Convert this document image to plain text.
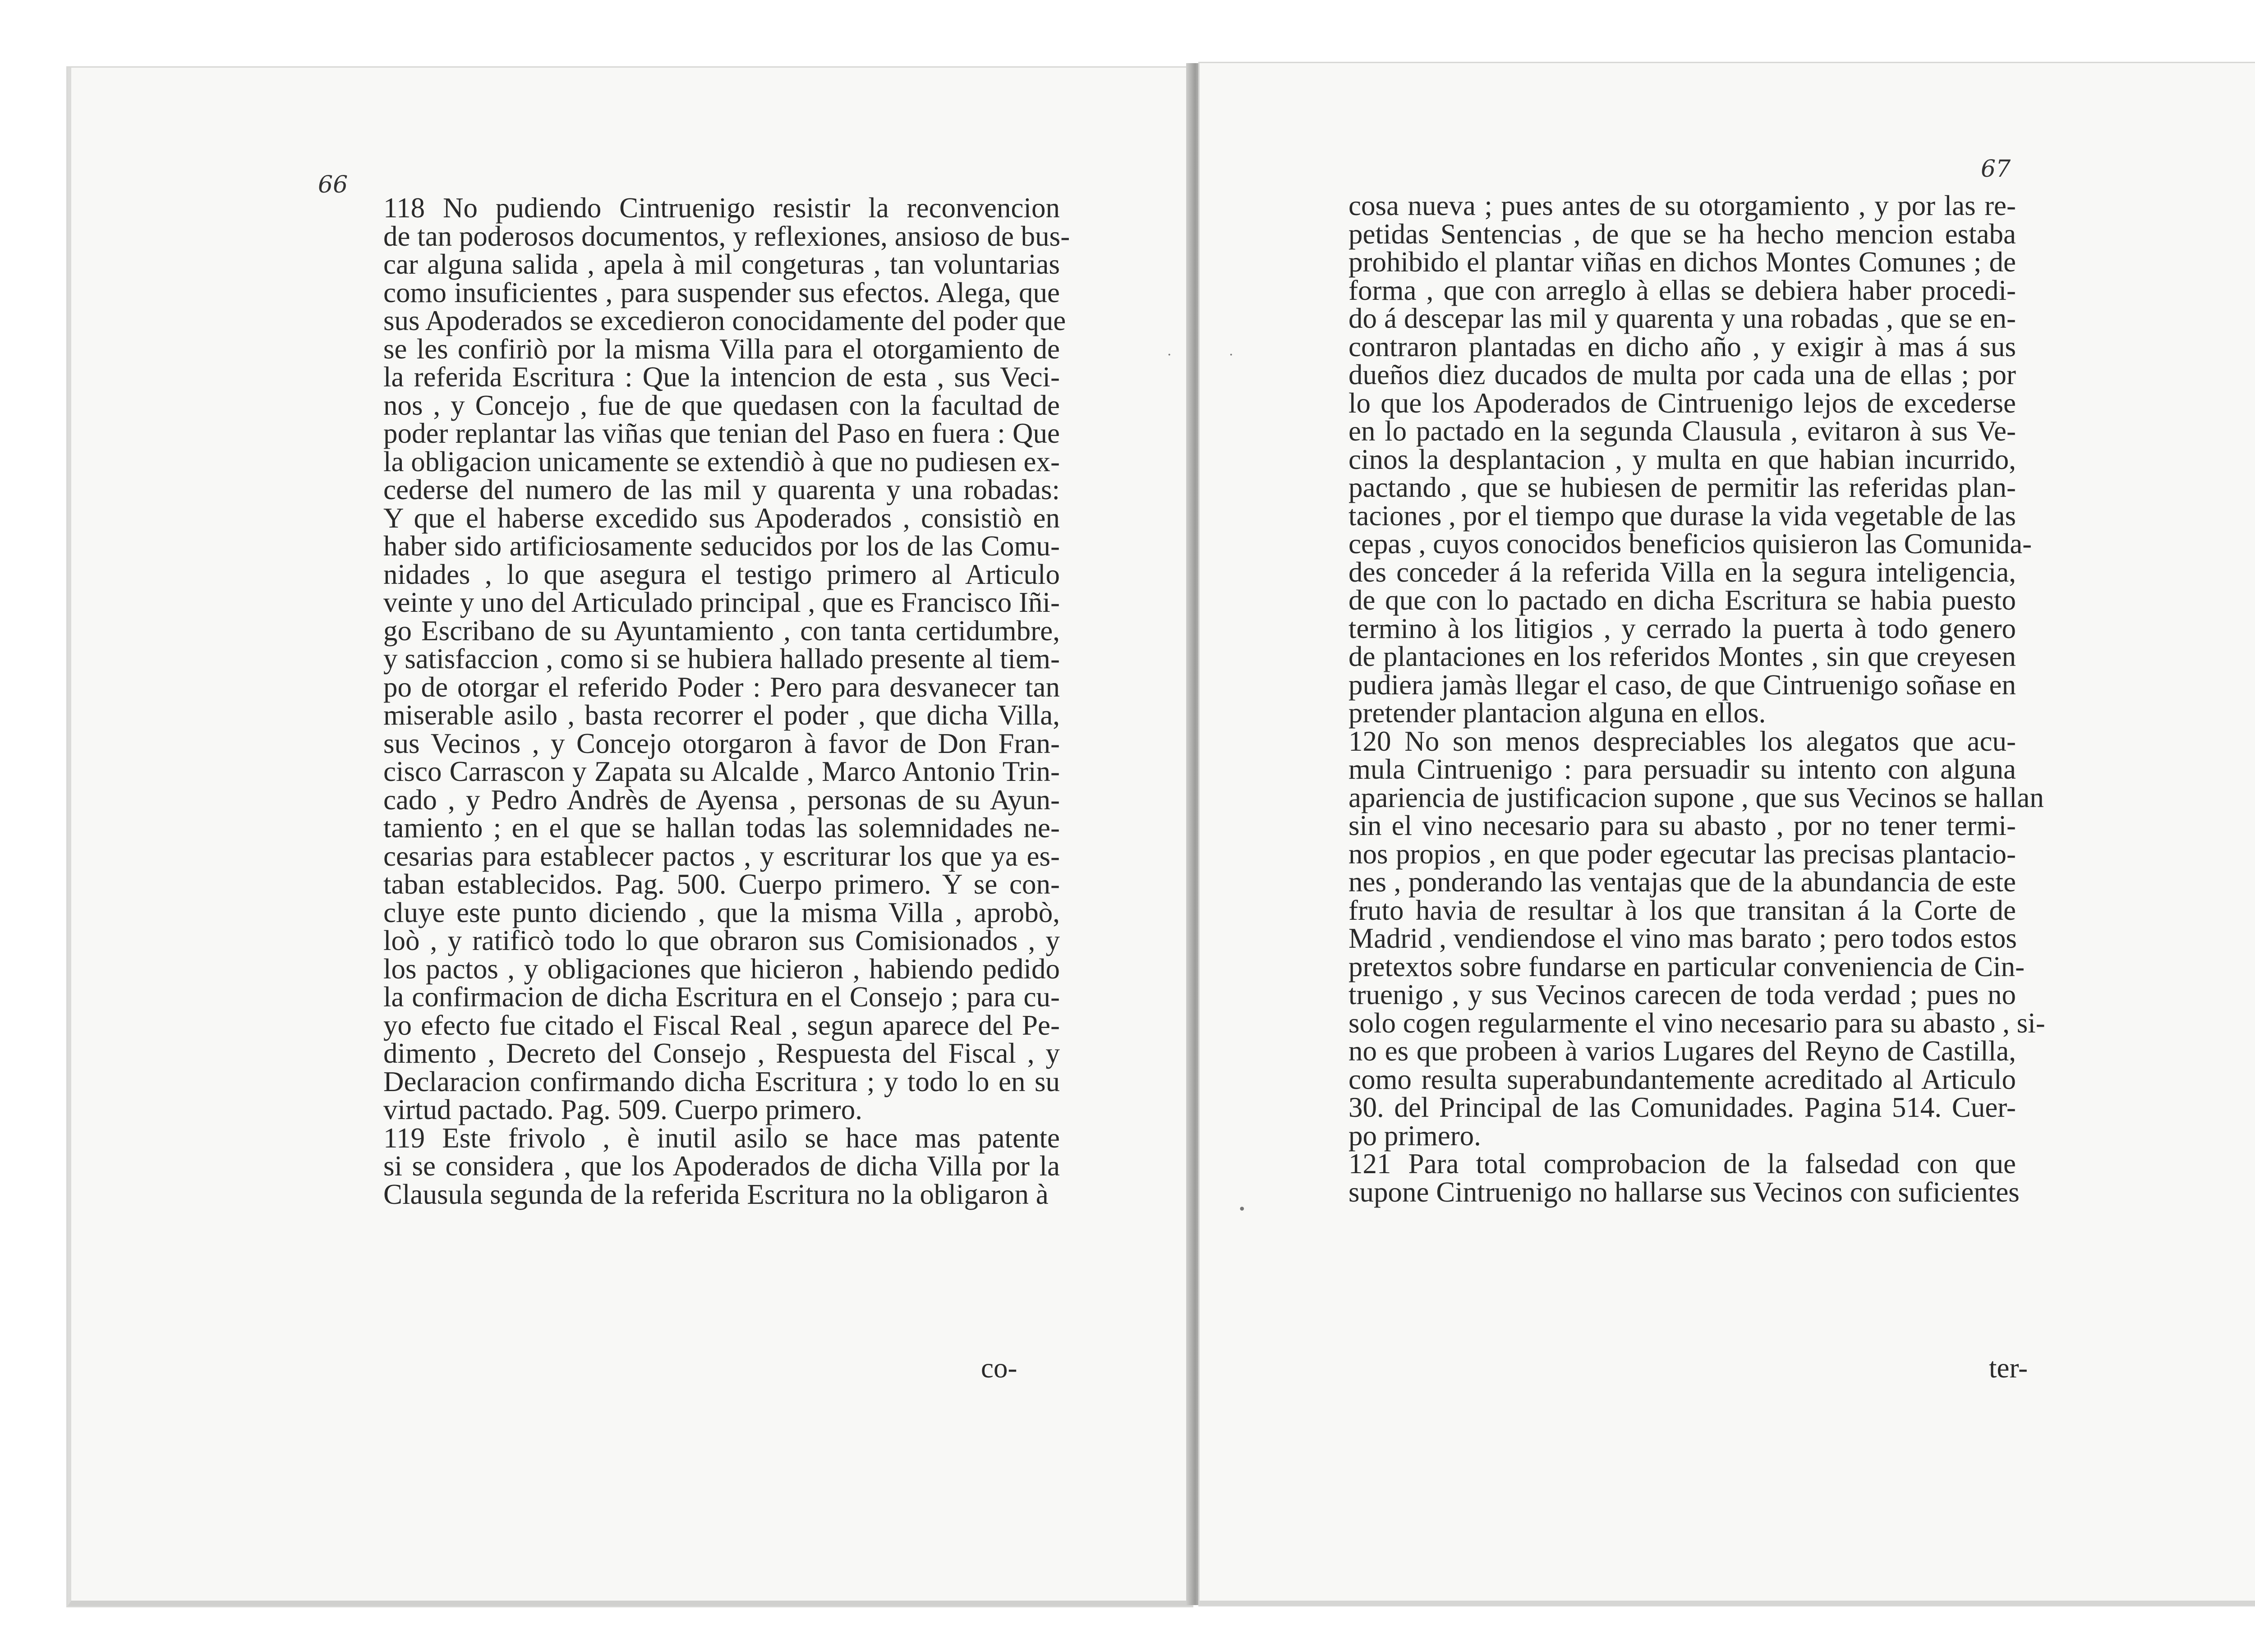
66
67
118 No pudiendo Cintruenigo resistir la reconvencion
de tan poderosos documentos, y reflexiones, ansioso de bus-
car alguna salida , apela à mil congeturas , tan voluntarias
como insuficientes , para suspender sus efectos. Alega, que
sus Apoderados se excedieron conocidamente del poder que
se les confiriò por la misma Villa para el otorgamiento de
la referida Escritura : Que la intencion de esta , sus Veci-
nos , y Concejo , fue de que quedasen con la facultad de
poder replantar las viñas que tenian del Paso en fuera : Que
la obligacion unicamente se extendiò à que no pudiesen ex-
cederse del numero de las mil y quarenta y una robadas:
Y que el haberse excedido sus Apoderados , consistiò en
haber sido artificiosamente seducidos por los de las Comu-
nidades , lo que asegura el testigo primero al Articulo
veinte y uno del Articulado principal , que es Francisco Iñi-
go Escribano de su Ayuntamiento , con tanta certidumbre,
y satisfaccion , como si se hubiera hallado presente al tiem-
po de otorgar el referido Poder : Pero para desvanecer tan
miserable asilo , basta recorrer el poder , que dicha Villa,
sus Vecinos , y Concejo otorgaron à favor de Don Fran-
cisco Carrascon y Zapata su Alcalde , Marco Antonio Trin-
cado , y Pedro Andrès de Ayensa , personas de su Ayun-
tamiento ; en el que se hallan todas las solemnidades ne-
cesarias para establecer pactos , y escriturar los que ya es-
taban establecidos. Pag. 500. Cuerpo primero. Y se con-
cluye este punto diciendo , que la misma Villa , aprobò,
loò , y ratificò todo lo que obraron sus Comisionados , y
los pactos , y obligaciones que hicieron , habiendo pedido
la confirmacion de dicha Escritura en el Consejo ; para cu-
yo efecto fue citado el Fiscal Real , segun aparece del Pe-
dimento , Decreto del Consejo , Respuesta del Fiscal , y
Declaracion confirmando dicha Escritura ; y todo lo en su
virtud pactado. Pag. 509. Cuerpo primero.
119 Este frivolo , è inutil asilo se hace mas patente
si se considera , que los Apoderados de dicha Villa por la
Clausula segunda de la referida Escritura no la obligaron à
cosa nueva ; pues antes de su otorgamiento , y por las re-
petidas Sentencias , de que se ha hecho mencion estaba
prohibido el plantar viñas en dichos Montes Comunes ; de
forma , que con arreglo à ellas se debiera haber procedi-
do á descepar las mil y quarenta y una robadas , que se en-
contraron plantadas en dicho año , y exigir à mas á sus
dueños diez ducados de multa por cada una de ellas ; por
lo que los Apoderados de Cintruenigo lejos de excederse
en lo pactado en la segunda Clausula , evitaron à sus Ve-
cinos la desplantacion , y multa en que habian incurrido,
pactando , que se hubiesen de permitir las referidas plan-
taciones , por el tiempo que durase la vida vegetable de las
cepas , cuyos conocidos beneficios quisieron las Comunida-
des conceder á la referida Villa en la segura inteligencia,
de que con lo pactado en dicha Escritura se habia puesto
termino à los litigios , y cerrado la puerta à todo genero
de plantaciones en los referidos Montes , sin que creyesen
pudiera jamàs llegar el caso, de que Cintruenigo soñase en
pretender plantacion alguna en ellos.
120 No son menos despreciables los alegatos que acu-
mula Cintruenigo : para persuadir su intento con alguna
apariencia de justificacion supone , que sus Vecinos se hallan
sin el vino necesario para su abasto , por no tener termi-
nos propios , en que poder egecutar las precisas plantacio-
nes , ponderando las ventajas que de la abundancia de este
fruto havia de resultar à los que transitan á la Corte de
Madrid , vendiendose el vino mas barato ; pero todos estos
pretextos sobre fundarse en particular conveniencia de Cin-
truenigo , y sus Vecinos carecen de toda verdad ; pues no
solo cogen regularmente el vino necesario para su abasto , si-
no es que probeen à varios Lugares del Reyno de Castilla,
como resulta superabundantemente acreditado al Articulo
30. del Principal de las Comunidades. Pagina 514. Cuer-
po primero.
121 Para total comprobacion de la falsedad con que
supone Cintruenigo no hallarse sus Vecinos con suficientes
co-	ter-
·	·
•
